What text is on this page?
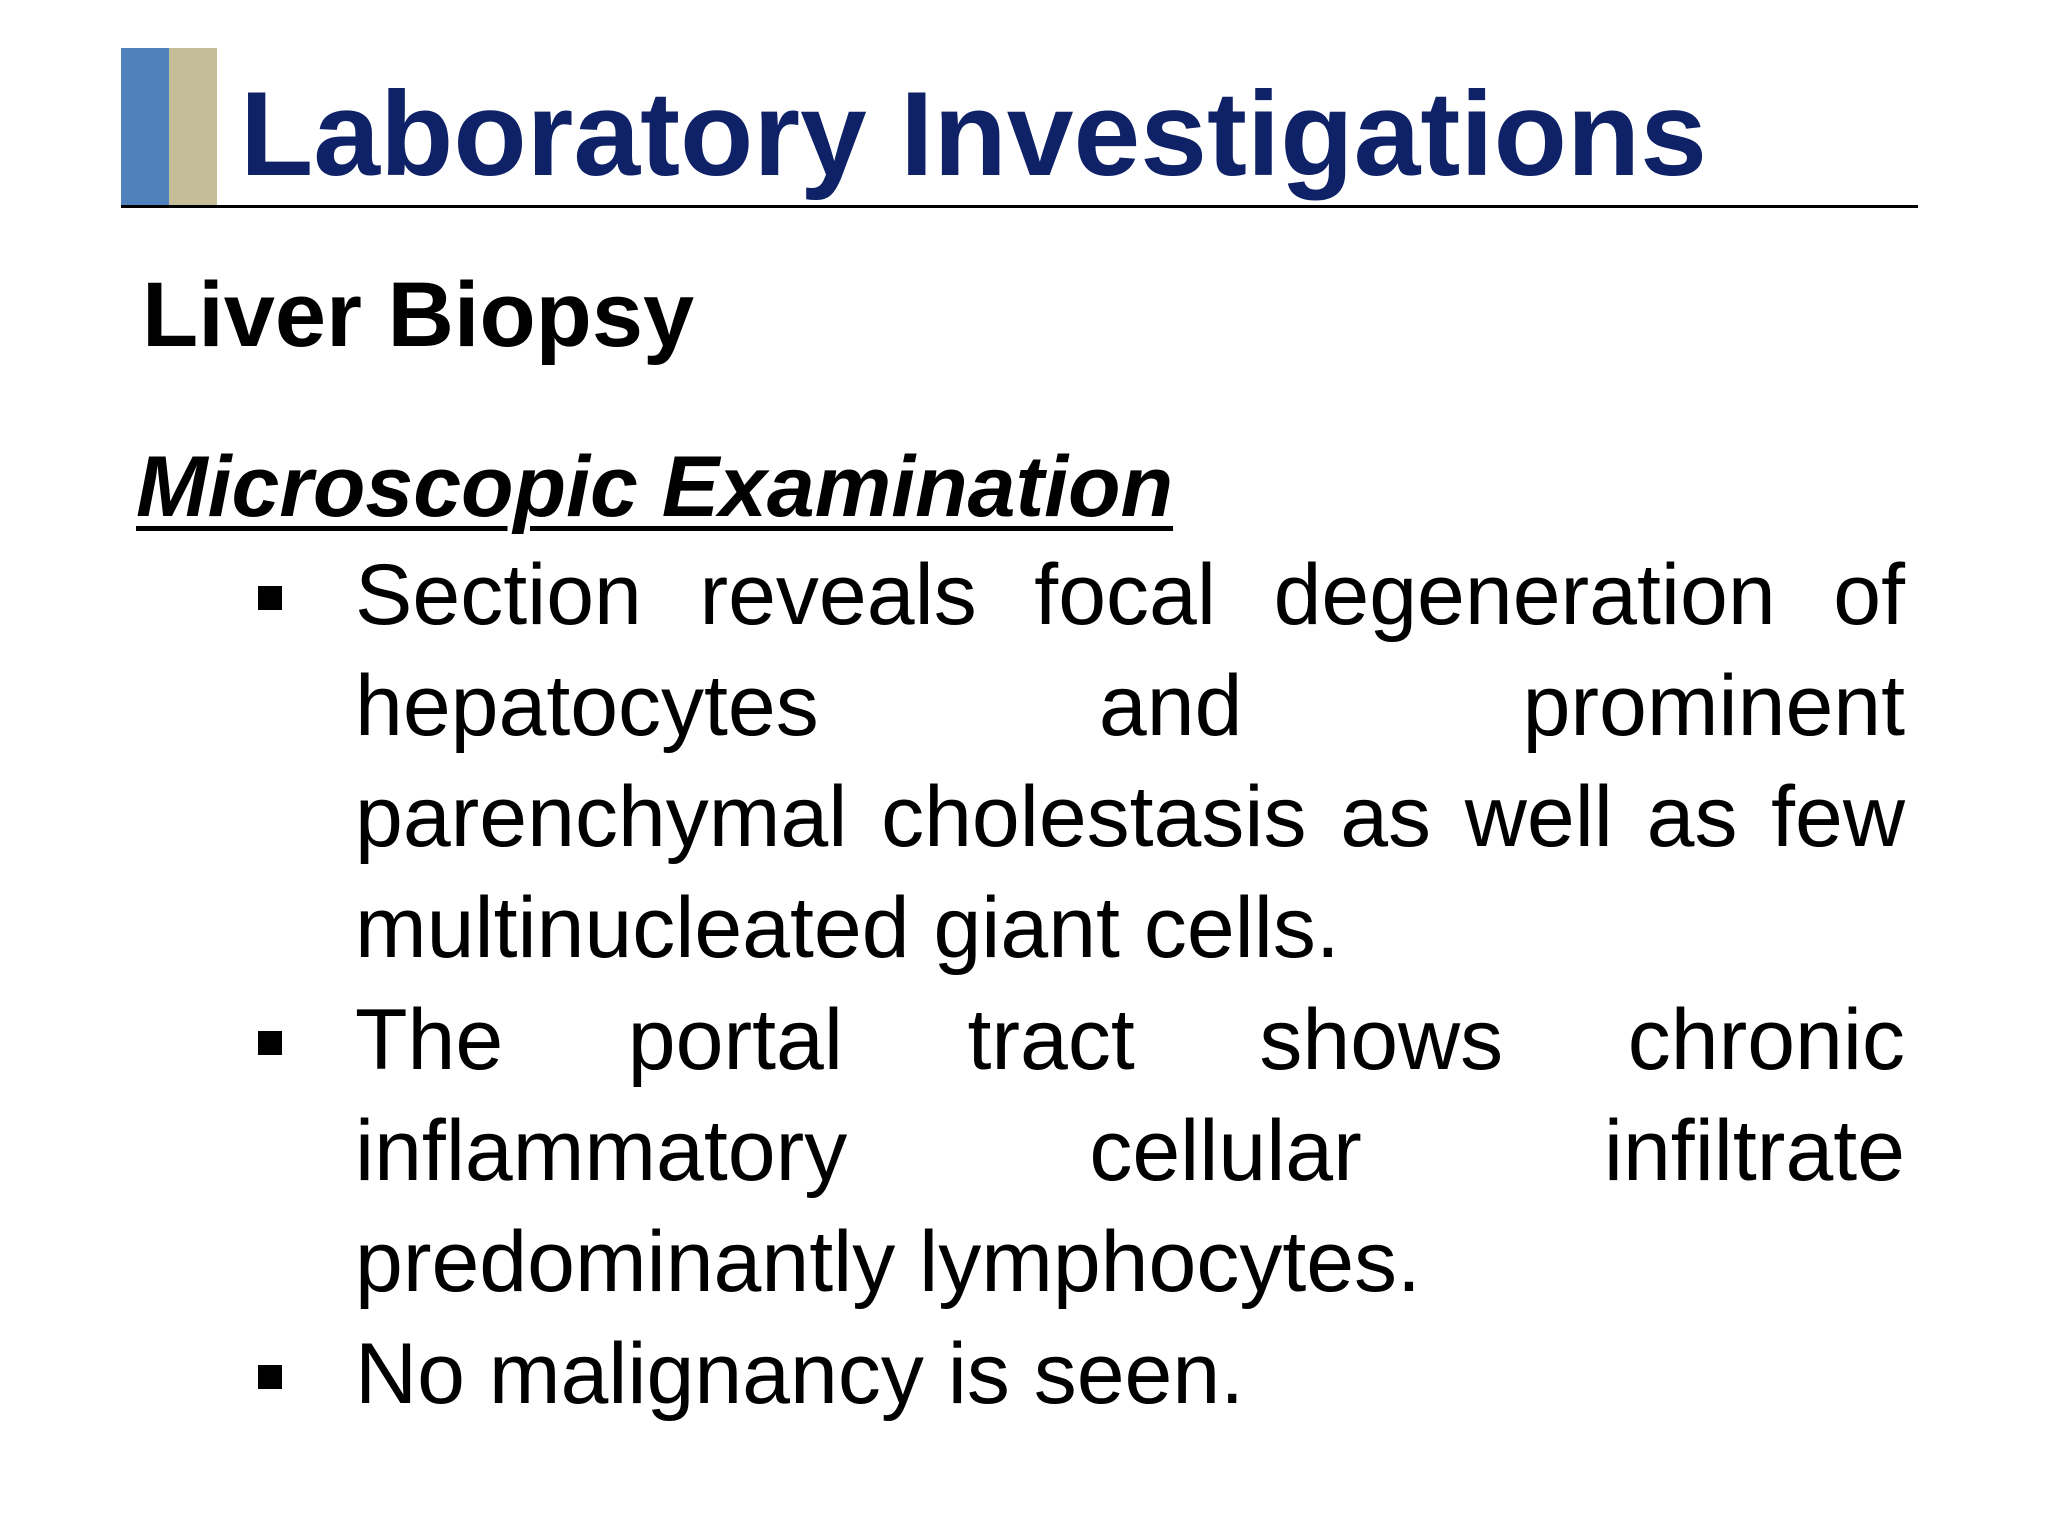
Laboratory Investigations
Liver Biopsy
Microscopic Examination
Section reveals focal degeneration of hepatocytes and prominent parenchymal cholestasis as well as few multinucleated giant cells.
The portal tract shows chronic inflammatory cellular infiltrate predominantly lymphocytes.
No malignancy is seen.
